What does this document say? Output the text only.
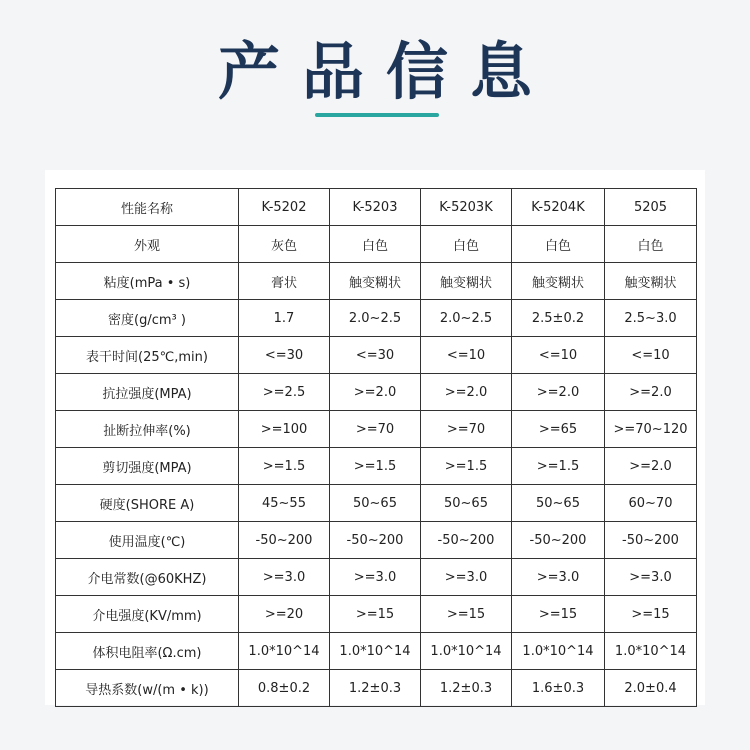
产品信息
性能名称	K-5202	K-5203	K-5203K	K-5204K	5205
外观	灰色	白色	白色	白色	白色
粘度(mPa • s)	膏状	触变糊状	触变糊状	触变糊状	触变糊状
密度(g/cm³ )	1.7	2.0~2.5	2.0~2.5	2.5±0.2	2.5~3.0
表干时间(25℃,min)	<=30	<=30	<=10	<=10	<=10
抗拉强度(MPA)	>=2.5	>=2.0	>=2.0	>=2.0	>=2.0
扯断拉伸率(%)	>=100	>=70	>=70	>=65	>=70~120
剪切强度(MPA)	>=1.5	>=1.5	>=1.5	>=1.5	>=2.0
硬度(SHORE A)	45~55	50~65	50~65	50~65	60~70
使用温度(℃)	-50~200	-50~200	-50~200	-50~200	-50~200
介电常数(@60KHZ)	>=3.0	>=3.0	>=3.0	>=3.0	>=3.0
介电强度(KV/mm)	>=20	>=15	>=15	>=15	>=15
体积电阻率(Ω.cm)	1.0*10^14	1.0*10^14	1.0*10^14	1.0*10^14	1.0*10^14
导热系数(w/(m • k))	0.8±0.2	1.2±0.3	1.2±0.3	1.6±0.3	2.0±0.4
